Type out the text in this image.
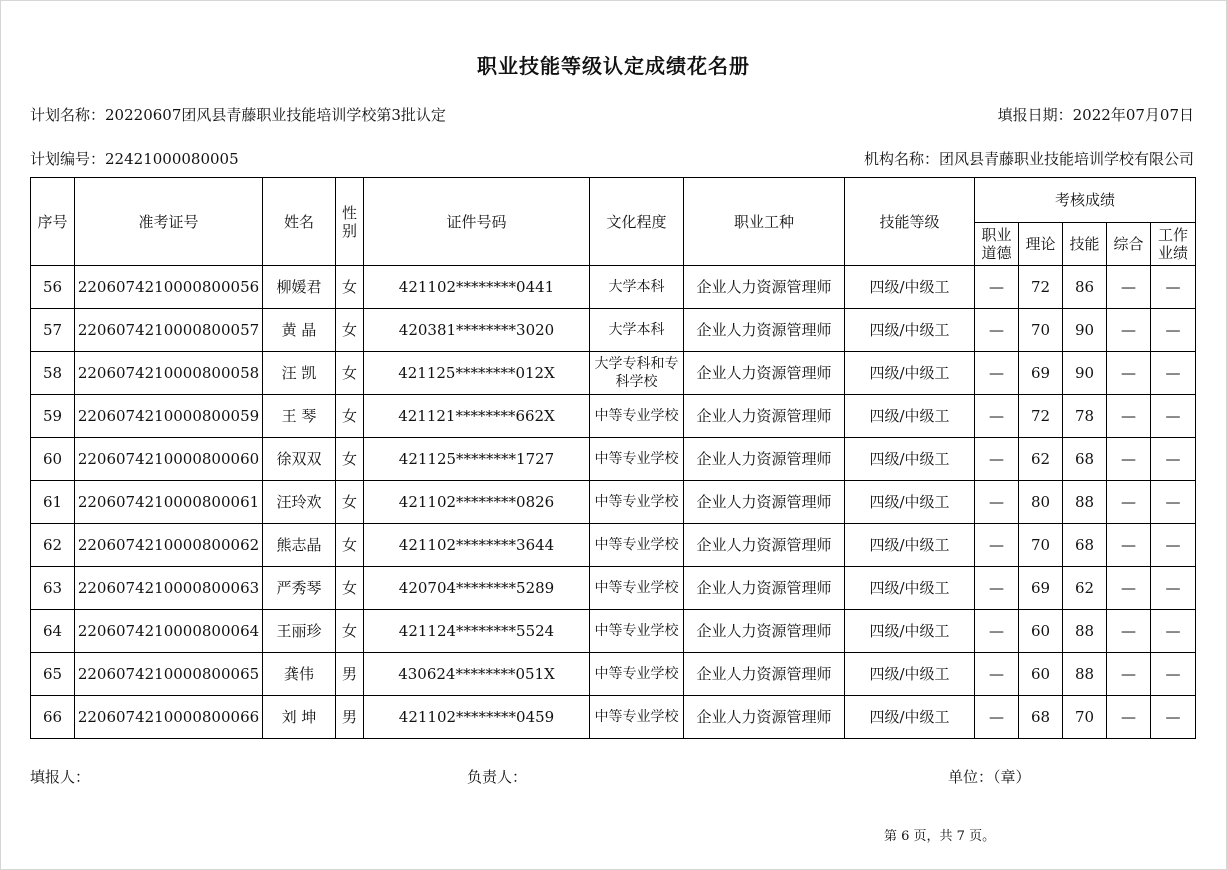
职业技能等级认定成绩花名册
计划名称：20220607团风县青藤职业技能培训学校第3批认定	填报日期：2022年07月07日
计划编号：22421000080005	机构名称：团风县青藤职业技能培训学校有限公司
序号	准考证号	姓名	性别	证件号码	文化程度	职业工种	技能等级	考核成绩				
								职业道德	理论	技能	综合	工作业绩
56	2206074210000800056	柳媛君	女	421102********0441	大学本科	企业人力资源管理师	四级/中级工	—	72	86	—	—
57	2206074210000800057	黄 晶	女	420381********3020	大学本科	企业人力资源管理师	四级/中级工	—	70	90	—	—
58	2206074210000800058	汪 凯	女	421125********012X	大学专科和专科学校	企业人力资源管理师	四级/中级工	—	69	90	—	—
59	2206074210000800059	王 琴	女	421121********662X	中等专业学校	企业人力资源管理师	四级/中级工	—	72	78	—	—
60	2206074210000800060	徐双双	女	421125********1727	中等专业学校	企业人力资源管理师	四级/中级工	—	62	68	—	—
61	2206074210000800061	汪玲欢	女	421102********0826	中等专业学校	企业人力资源管理师	四级/中级工	—	80	88	—	—
62	2206074210000800062	熊志晶	女	421102********3644	中等专业学校	企业人力资源管理师	四级/中级工	—	70	68	—	—
63	2206074210000800063	严秀琴	女	420704********5289	中等专业学校	企业人力资源管理师	四级/中级工	—	69	62	—	—
64	2206074210000800064	王丽珍	女	421124********5524	中等专业学校	企业人力资源管理师	四级/中级工	—	60	88	—	—
65	2206074210000800065	龚伟	男	430624********051X	中等专业学校	企业人力资源管理师	四级/中级工	—	60	88	—	—
66	2206074210000800066	刘 坤	男	421102********0459	中等专业学校	企业人力资源管理师	四级/中级工	—	68	70	—	—
填报人：	负责人：	单位：（章）
第 6 页，共 7 页。
